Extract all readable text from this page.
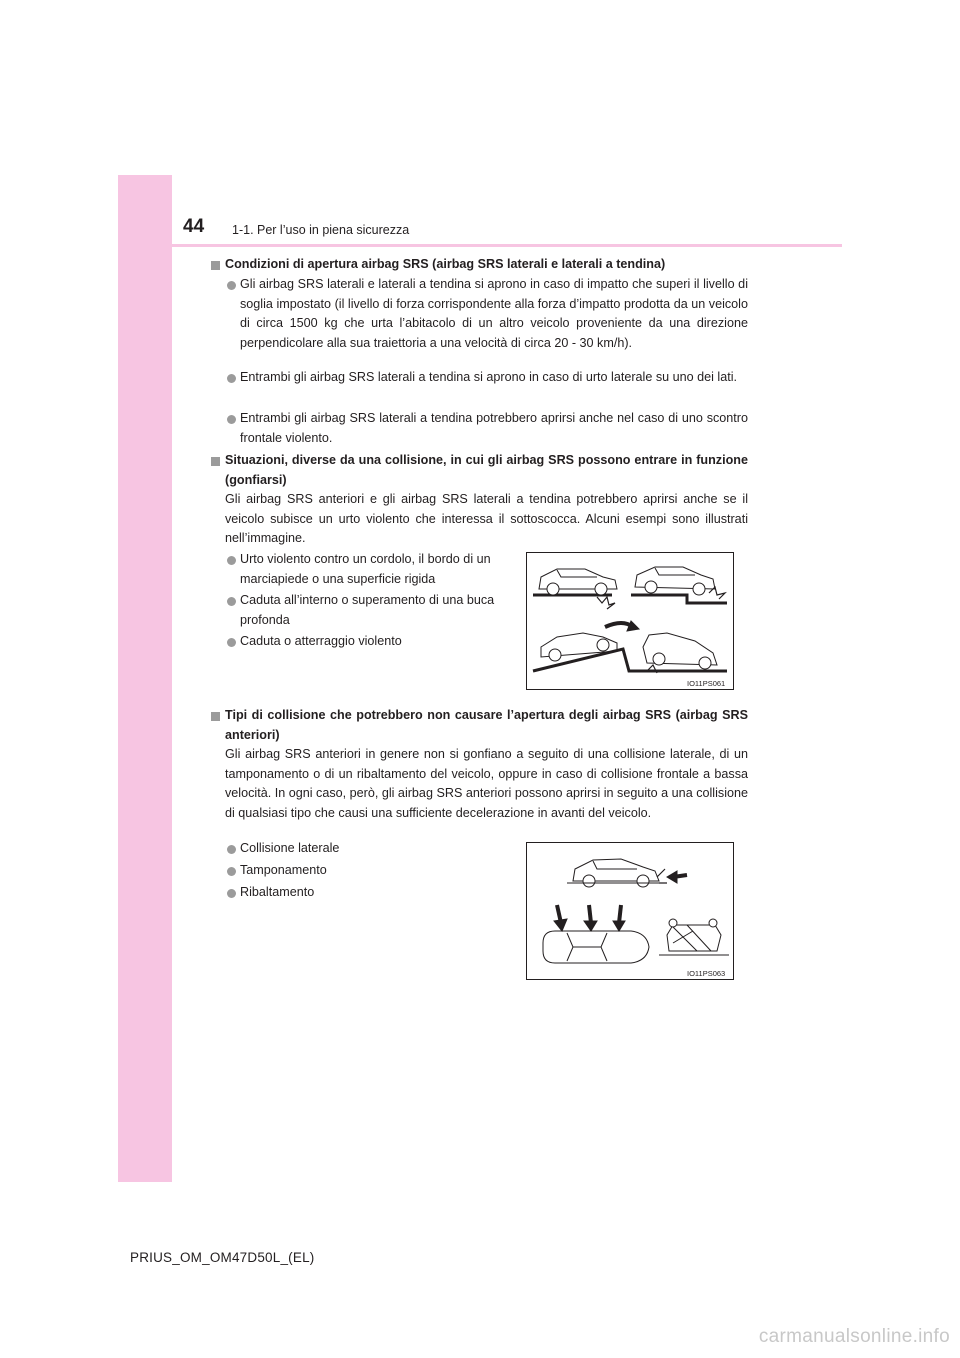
44 1-1. Per l’uso in piena sicurezza
Condizioni di apertura airbag SRS (airbag SRS laterali e laterali a tendina)
Gli airbag SRS laterali e laterali a tendina si aprono in caso di impatto che superi il livello di soglia impostato (il livello di forza corrispondente alla forza d’impatto prodotta da un veicolo di circa 1500 kg che urta l’abitacolo di un altro veicolo proveniente da una direzione perpendicolare alla sua traiettoria a una velocità di circa 20 - 30 km/h).
Entrambi gli airbag SRS laterali a tendina si aprono in caso di urto laterale su uno dei lati.
Entrambi gli airbag SRS laterali a tendina potrebbero aprirsi anche nel caso di uno scontro frontale violento.
Situazioni, diverse da una collisione, in cui gli airbag SRS possono entrare in funzione (gonfiarsi)
Gli airbag SRS anteriori e gli airbag SRS laterali a tendina potrebbero aprirsi anche se il veicolo subisce un urto violento che interessa il sottoscocca. Alcuni esempi sono illustrati nell’immagine.
Urto violento contro un cordolo, il bordo di un marciapiede o una superficie rigida
Caduta all’interno o superamento di una buca profonda
Caduta o atterraggio violento
IO11PS061
Tipi di collisione che potrebbero non causare l’apertura degli airbag SRS (airbag SRS anteriori)
Gli airbag SRS anteriori in genere non si gonfiano a seguito di una collisione laterale, di un tamponamento o di un ribaltamento del veicolo, oppure in caso di collisione frontale a bassa velocità. In ogni caso, però, gli airbag SRS anteriori possono aprirsi in seguito a una collisione di qualsiasi tipo che causi una sufficiente decelerazione in avanti del veicolo.
Collisione laterale
Tamponamento
Ribaltamento
IO11PS063
PRIUS_OM_OM47D50L_(EL)
carmanualsonline.info
